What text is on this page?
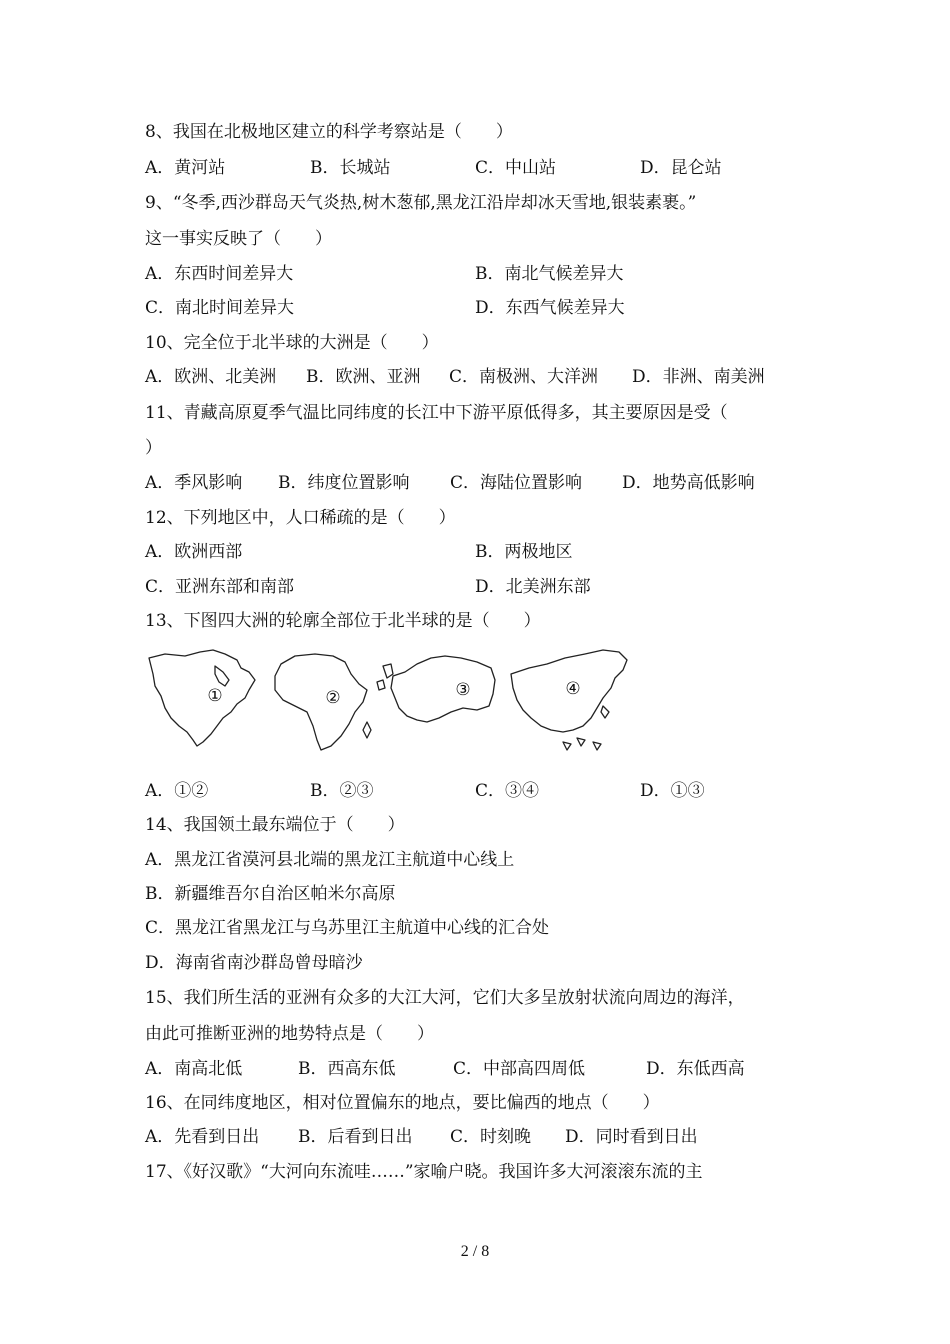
8、我国在北极地区建立的科学考察站是（　　）
A．黄河站	B．长城站	C．中山站	D．昆仑站
9、“冬季,西沙群岛天气炎热,树木葱郁,黑龙江沿岸却冰天雪地,银装素裹。”
这一事实反映了（　　）
A．东西时间差异大	B．南北气候差异大
C．南北时间差异大	D．东西气候差异大
10、完全位于北半球的大洲是（　　）
A．欧洲、北美洲 B．欧洲、亚洲 C．南极洲、大洋洲 D．非洲、南美洲
11、青藏高原夏季气温比同纬度的长江中下游平原低得多，其主要原因是受（
）
A．季风影响 B．纬度位置影响 C．海陆位置影响 D．地势高低影响
12、下列地区中，人口稀疏的是（　　）
A．欧洲西部	B．两极地区
C．亚洲东部和南部	D．北美洲东部
13、下图四大洲的轮廓全部位于北半球的是（　　）
①	②	③	④
A．①②	B．②③	C．③④	D．①③
14、我国领土最东端位于（　　）
A．黑龙江省漠河县北端的黑龙江主航道中心线上
B．新疆维吾尔自治区帕米尔高原
C．黑龙江省黑龙江与乌苏里江主航道中心线的汇合处
D．海南省南沙群岛曾母暗沙
15、我们所生活的亚洲有众多的大江大河，它们大多呈放射状流向周边的海洋，
由此可推断亚洲的地势特点是（　　）
A．南高北低	B．西高东低	C．中部高四周低	D．东低西高
16、在同纬度地区，相对位置偏东的地点，要比偏西的地点（　　）
A．先看到日出 B．后看到日出 C．时刻晚 D．同时看到日出
17、《好汉歌》“大河向东流哇……”家喻户晓。我国许多大河滚滚东流的主
2 / 8
